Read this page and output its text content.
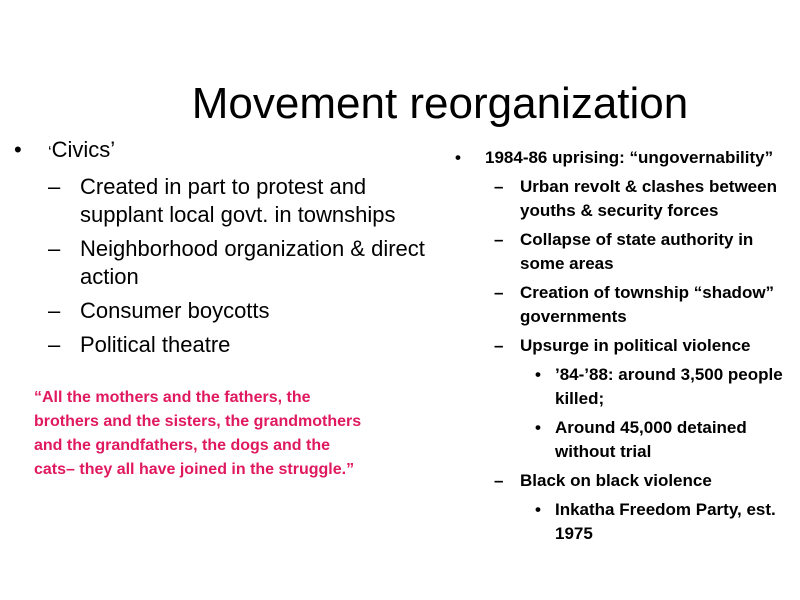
Movement reorganization
•	‘Civics’
– Created in part to protest and supplant local govt. in townships
– Neighborhood organization & direct action
– Consumer boycotts
– Political theatre
“All the mothers and the fathers, the brothers and the sisters, the grandmothers and the grandfathers, the dogs and the cats– they all have joined in the struggle.”
•	1984-86 uprising: “ungovernability”
– Urban revolt & clashes between youths & security forces
– Collapse of state authority in some areas
– Creation of township “shadow” governments
– Upsurge in political violence
• ’84-’88: around 3,500 people killed;
• Around 45,000 detained without trial
– Black on black violence
• Inkatha Freedom Party, est. 1975
